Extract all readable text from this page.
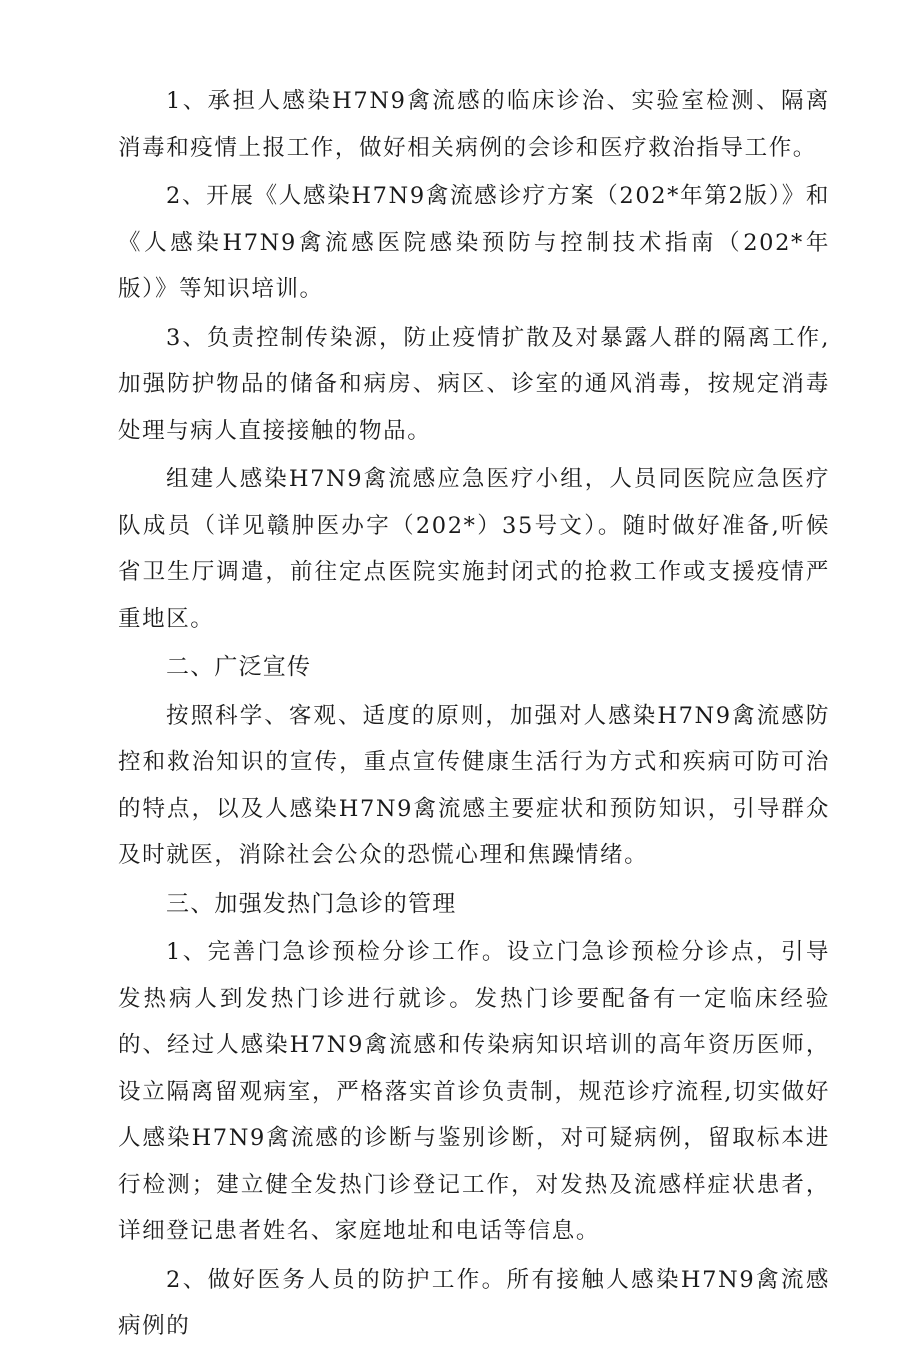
1、承担人感染H7N9禽流感的临床诊治、实验室检测、隔离消毒和疫情上报工作，做好相关病例的会诊和医疗救治指导工作。

2、开展《人感染H7N9禽流感诊疗方案（202*年第2版）》和《人感染H7N9禽流感医院感染预防与控制技术指南（202*年版）》等知识培训。

3、负责控制传染源，防止疫情扩散及对暴露人群的隔离工作,加强防护物品的储备和病房、病区、诊室的通风消毒，按规定消毒处理与病人直接接触的物品。

组建人感染H7N9禽流感应急医疗小组，人员同医院应急医疗队成员（详见赣肿医办字（202*）35号文）。随时做好准备,听候省卫生厅调遣，前往定点医院实施封闭式的抢救工作或支援疫情严重地区。

二、广泛宣传

按照科学、客观、适度的原则，加强对人感染H7N9禽流感防控和救治知识的宣传，重点宣传健康生活行为方式和疾病可防可治的特点，以及人感染H7N9禽流感主要症状和预防知识，引导群众及时就医，消除社会公众的恐慌心理和焦躁情绪。

三、加强发热门急诊的管理

1、完善门急诊预检分诊工作。设立门急诊预检分诊点，引导发热病人到发热门诊进行就诊。发热门诊要配备有一定临床经验的、经过人感染H7N9禽流感和传染病知识培训的高年资历医师，设立隔离留观病室，严格落实首诊负责制，规范诊疗流程,切实做好人感染H7N9禽流感的诊断与鉴别诊断，对可疑病例，留取标本进行检测；建立健全发热门诊登记工作，对发热及流感样症状患者，详细登记患者姓名、家庭地址和电话等信息。

2、做好医务人员的防护工作。所有接触人感染H7N9禽流感病例的
